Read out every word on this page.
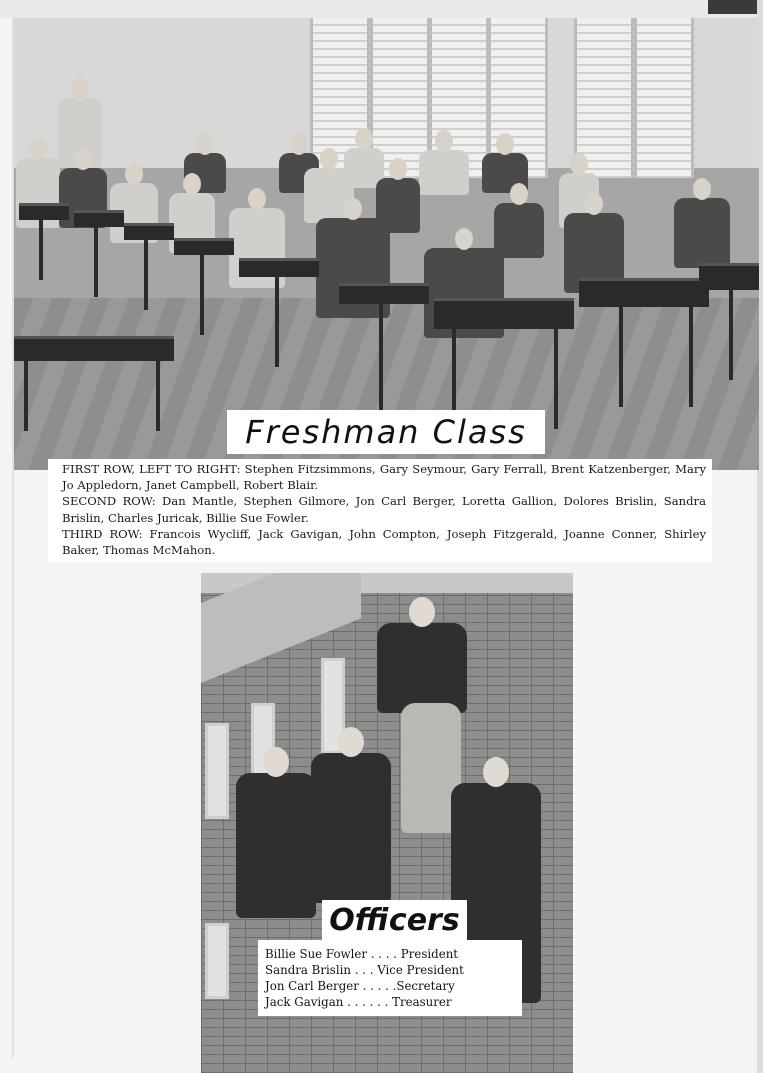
Freshman Class

FIRST ROW, LEFT TO RIGHT: Stephen Fitzsimmons, Gary Seymour, Gary Ferrall, Brent Katzenberger, Mary Jo Appledorn, Janet Campbell, Robert Blair.

SECOND ROW: Dan Mantle, Stephen Gilmore, Jon Carl Berger, Loretta Gallion, Dolores Brislin, Sandra Brislin, Charles Juricak, Billie Sue Fowler.

THIRD ROW: Francois Wycliff, Jack Gavigan, John Compton, Joseph Fitzgerald, Joanne Conner, Shirley Baker, Thomas McMahon.

Officers
Billie Sue Fowler . . . . President
Sandra Brislin . . . Vice President
Jon Carl Berger . . . . .Secretary
Jack Gavigan . . . . . . Treasurer
